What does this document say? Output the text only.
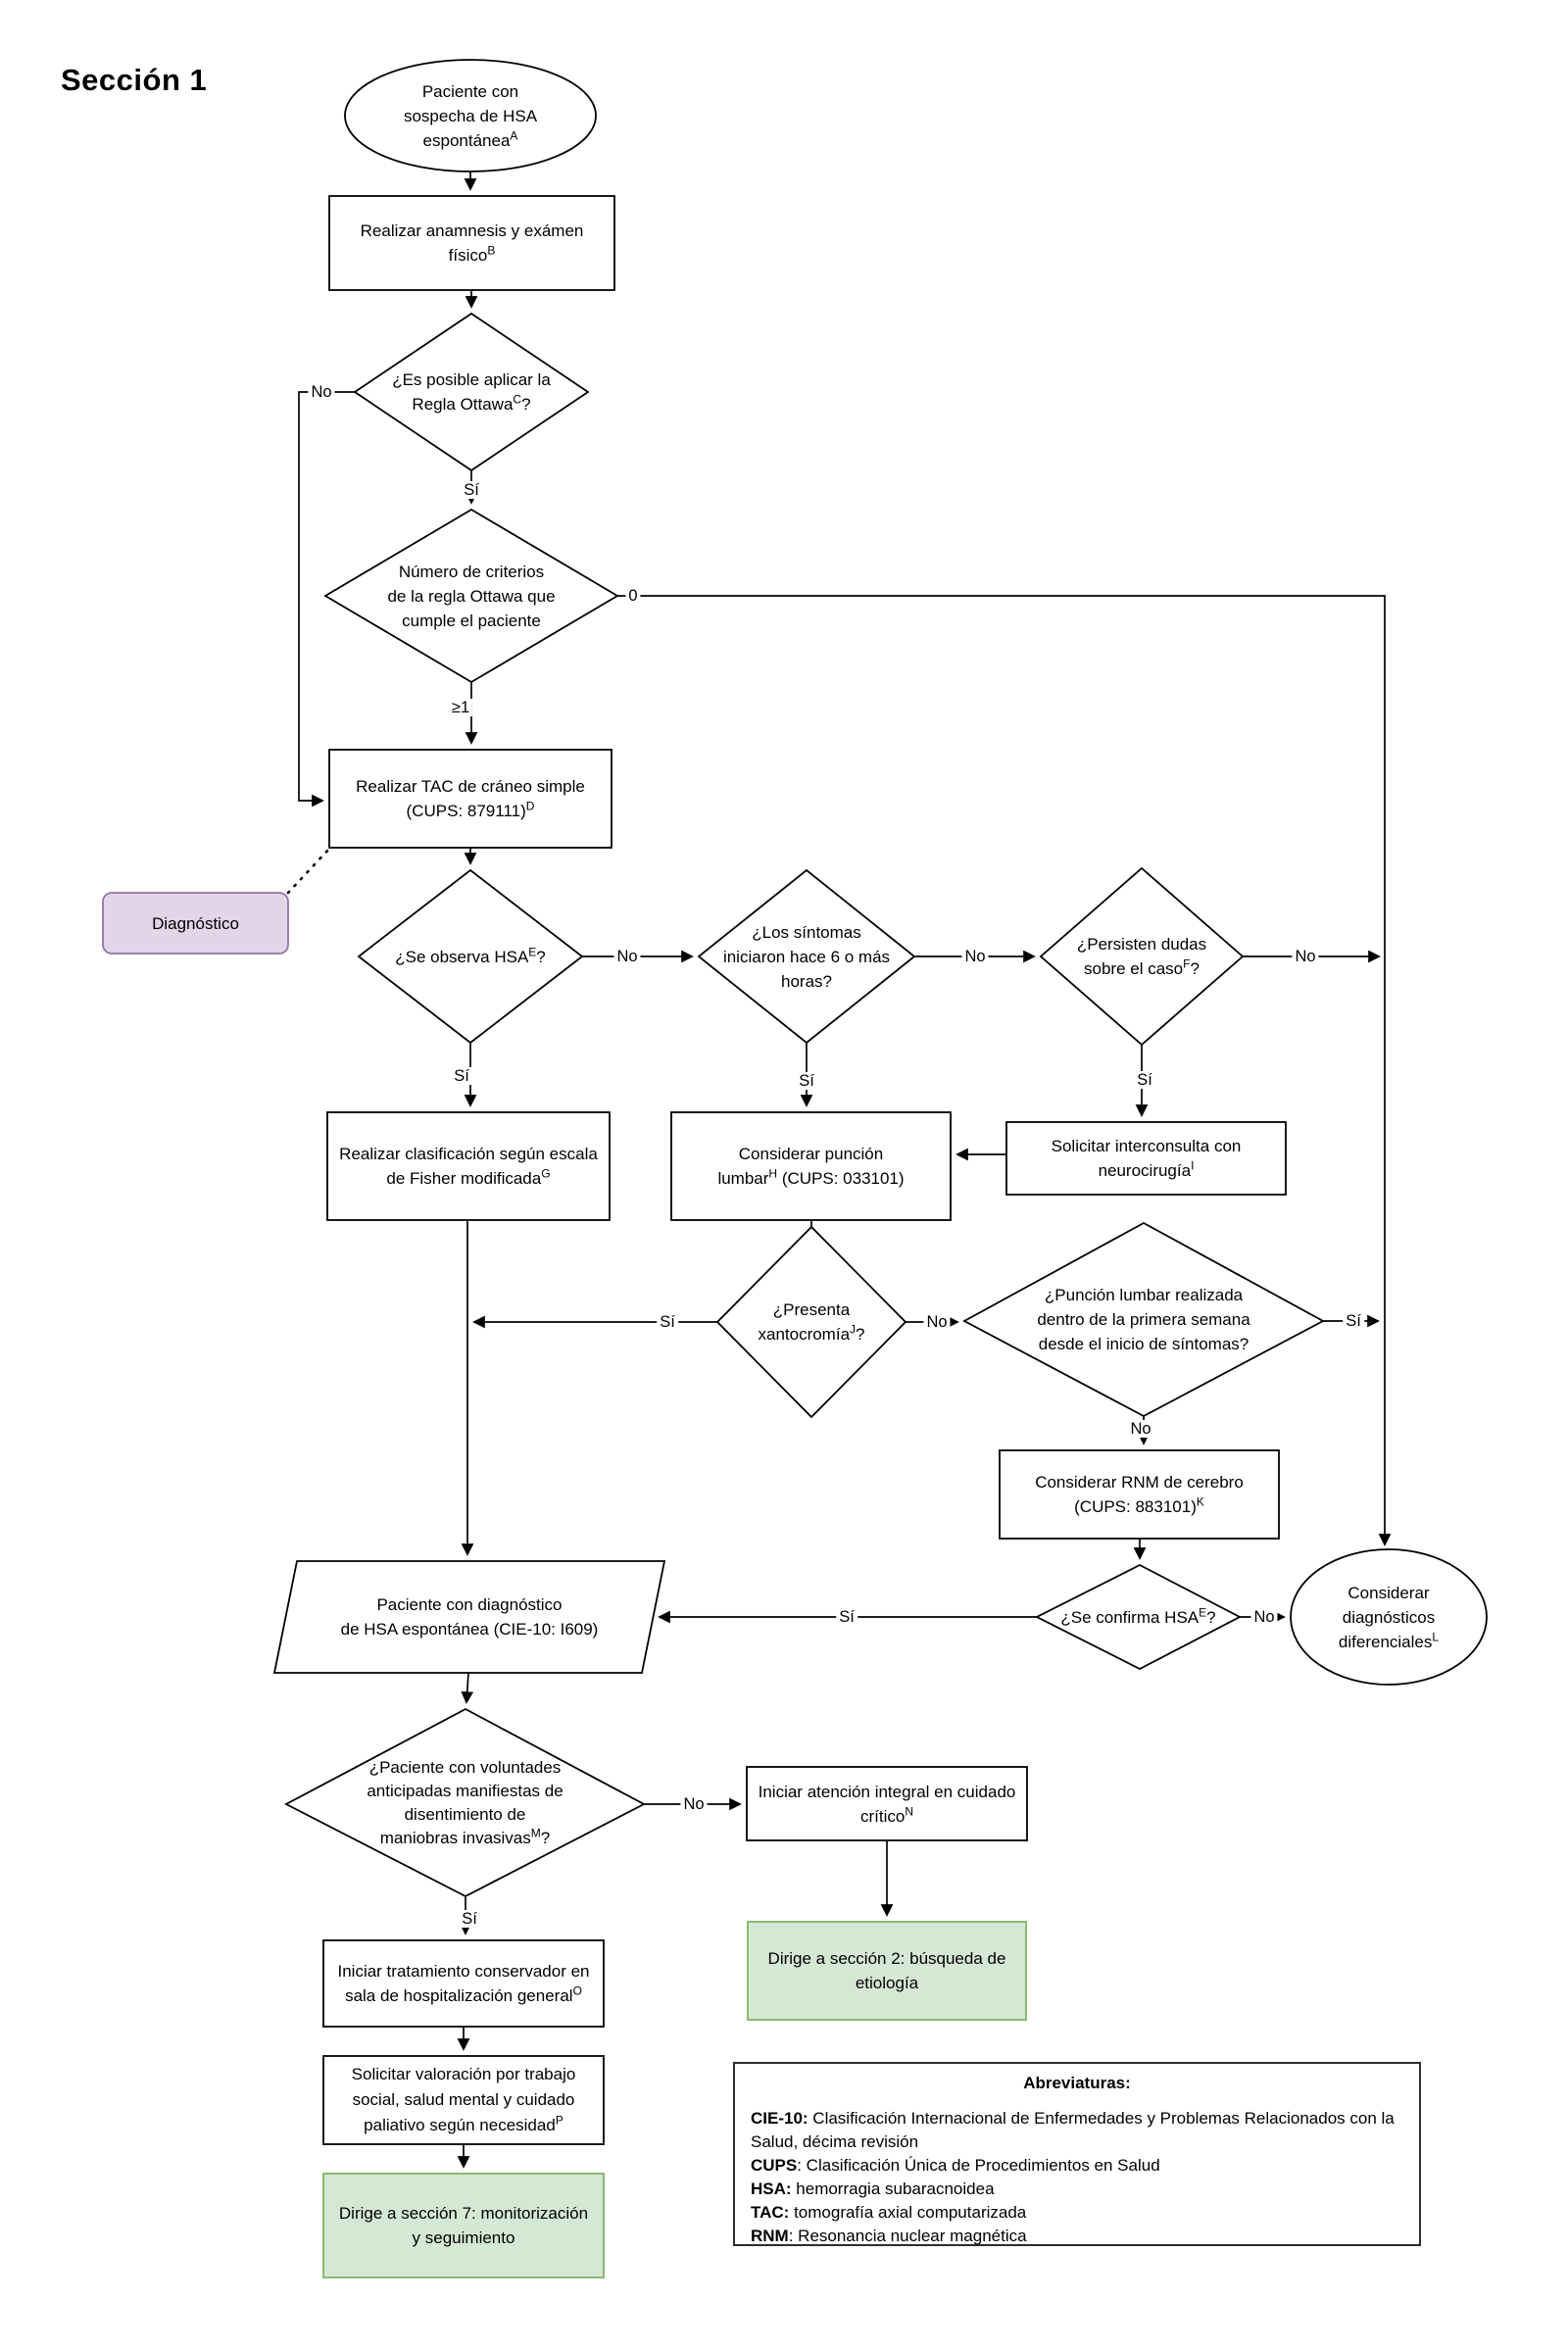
Sección 1	Paciente con
sospecha de HSA
espontánea$^A$
Realizar anamnesis y exámen
físico$^B$
¿Es posible aplicar la
Regla Ottawa$^C$?
Número de criterios
de la regla Ottawa que
cumple el paciente
Realizar TAC de cráneo simple
(CUPS: 879111)$^D$
Diagnóstico
¿Se observa $HSA^E$?
¿Los síntomas
iniciaron hace 6 o más
horas?
¿Persisten dudas
sobre el caso$^F$?
Realizar clasificación según escala
de Fisher modificada$^G$
Considerar punción
lumbar$^H$ (CUPS: 033101)
Solicitar interconsulta con
neurocirugía$^I$
¿Presenta
xantocromía$^J$?
¿Punción lumbar realizada
dentro de la primera semana
desde el inicio de síntomas?
Considerar RNM de cerebro
(CUPS: 883101)$^K$
¿Se confirma $HSA^E$?
Considerar
diagnósticos
diferenciales$^L$
Paciente con diagnóstico
de HSA espontánea (CIE-10: I609)
¿Paciente con voluntades
anticipadas manifiestas de
disentimiento de
maniobras invasivas$^M$?
Iniciar atención integral en cuidado
crítico$^N$
Dirige a sección 2: búsqueda de
etiología
Iniciar tratamiento conservador en
sala de hospitalización general$^O$
Solicitar valoración por trabajo
social, salud mental y cuidado
paliativo según necesidad$^P$
Dirige a sección 7: monitorización
y seguimiento
No
Sí
0
≥1
No	No	No
Sí	Sí	Sí
Sí	No	Sí
No
No
Sí
No
Sí
Abreviaturas:
CIE-10: Clasificación Internacional de Enfermedades y Problemas Relacionados con la Salud, décima revisión
CUPS: Clasificación Única de Procedimientos en Salud
HSA: hemorragia subaracnoidea
TAC: tomografía axial computarizada
RNM: Resonancia nuclear magnética
